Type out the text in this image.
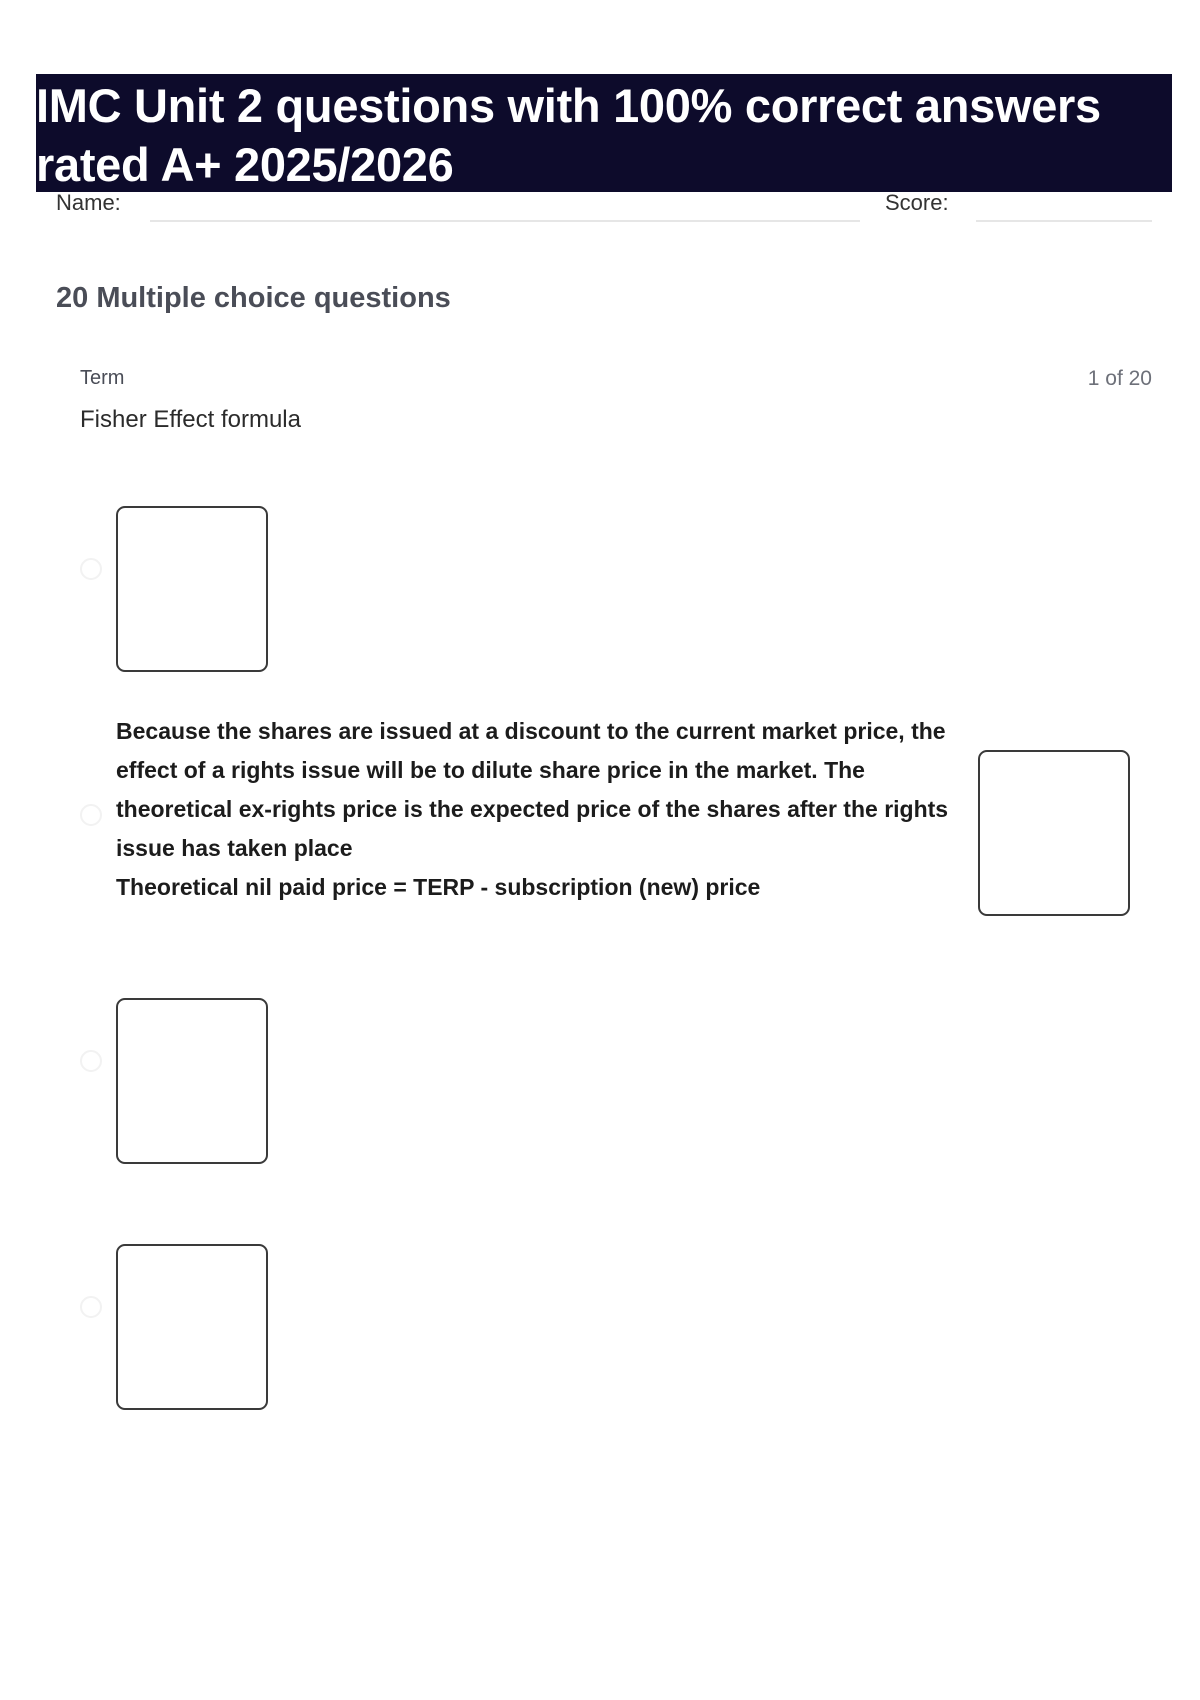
IMC Unit 2 questions with 100% correct answers
rated A+ 2025/2026
Name:	Score:
20 Multiple choice questions
Term	1 of 20
Fisher Effect formula

Because the shares are issued at a discount to the current market price, the
effect of a rights issue will be to dilute share price in the market. The
theoretical ex-rights price is the expected price of the shares after the rights
issue has taken place
Theoretical nil paid price = TERP - subscription (new) price
